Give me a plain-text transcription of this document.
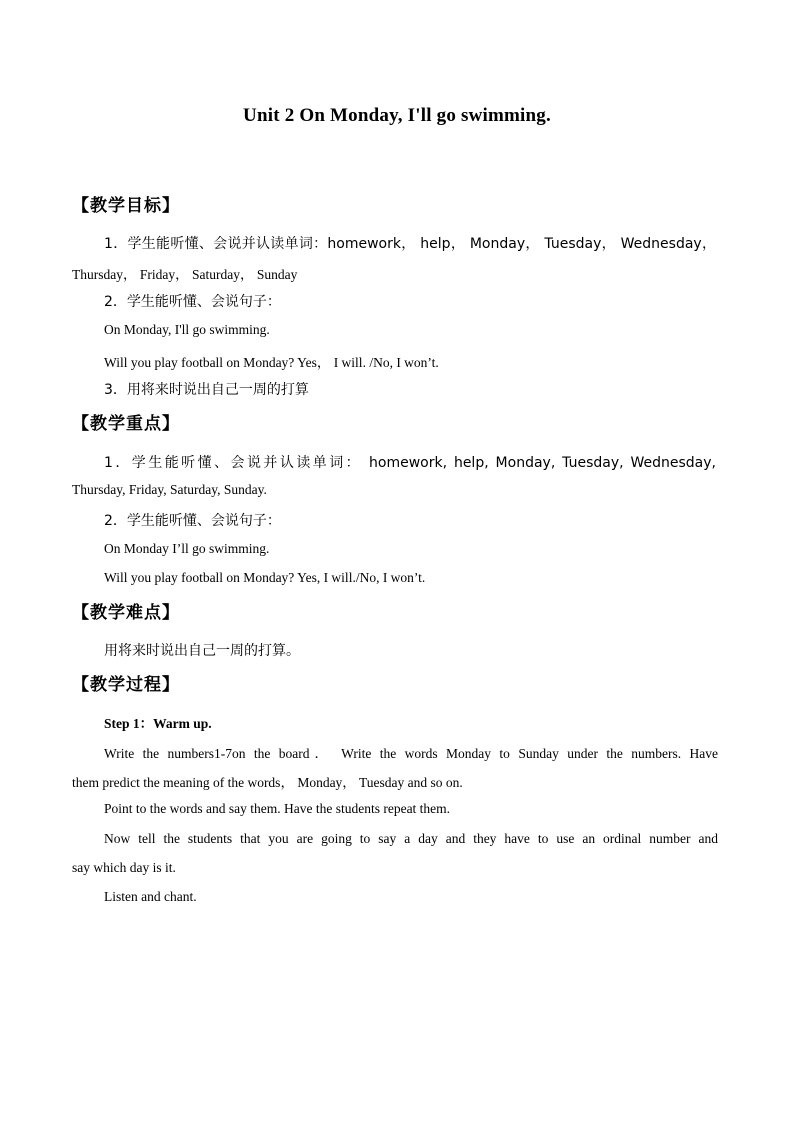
Unit 2 On Monday, I'll go swimming.
【教学目标】
1．学生能听懂、会说并认读单词：homework， help， Monday， Tuesday， Wednesday，
Thursday， Friday， Saturday， Sunday
2．学生能听懂、会说句子：
On Monday, I'll go swimming.
Will you play football on Monday? Yes， I will. /No, I won’t.
3．用将来时说出自己一周的打算
【教学重点】
1．学生能听懂、会说并认读单词： homework, help, Monday, Tuesday, Wednesday,
Thursday, Friday, Saturday, Sunday.
2．学生能听懂、会说句子：
On Monday I’ll go swimming.
Will you play football on Monday? Yes, I will./No, I won’t.
【教学难点】
用将来时说出自己一周的打算。
【教学过程】
Step 1：Warm up.
Write the numbers1-7on the board． Write the words Monday to Sunday under the numbers. Have
them predict the meaning of the words， Monday， Tuesday and so on.
Point to the words and say them. Have the students repeat them.
Now tell the students that you are going to say a day and they have to use an ordinal number and
say which day is it.
Listen and chant.
